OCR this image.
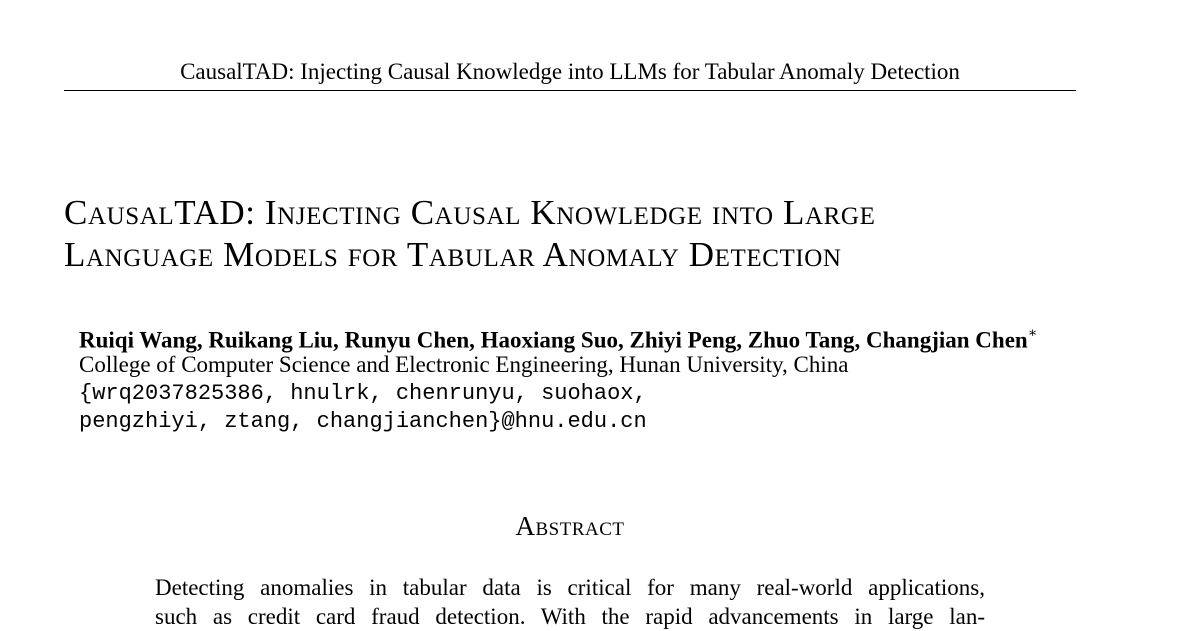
CausalTAD: Injecting Causal Knowledge into LLMs for Tabular Anomaly Detection
CausalTAD: Injecting Causal Knowledge into Large
Language Models for Tabular Anomaly Detection
Ruiqi Wang, Ruikang Liu, Runyu Chen, Haoxiang Suo, Zhiyi Peng, Zhuo Tang, Changjian Chen∗
College of Computer Science and Electronic Engineering, Hunan University, China
{wrq2037825386, hnulrk, chenrunyu, suohaox,
pengzhiyi, ztang, changjianchen}@hnu.edu.cn
Abstract
Detecting anomalies in tabular data is critical for many real-world applications,
such as credit card fraud detection. With the rapid advancements in large lan-
